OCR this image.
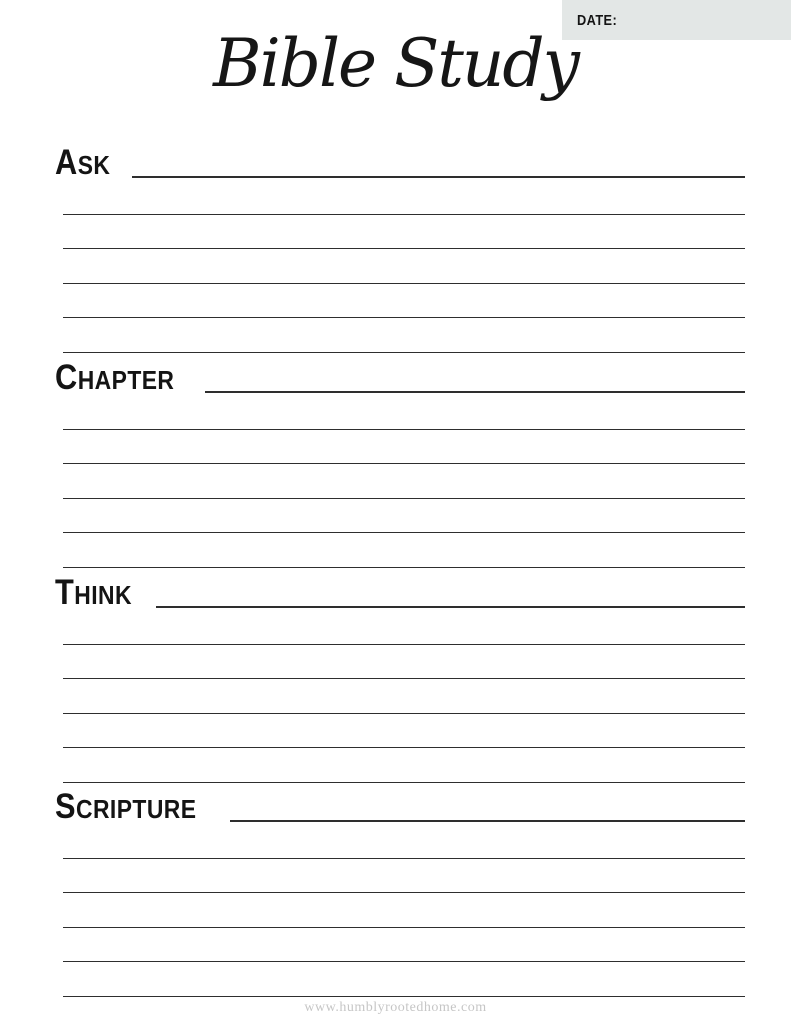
DATE:
Bible Study
ASK
CHAPTER
THINK
SCRIPTURE
www.humblyrootedhome.com
